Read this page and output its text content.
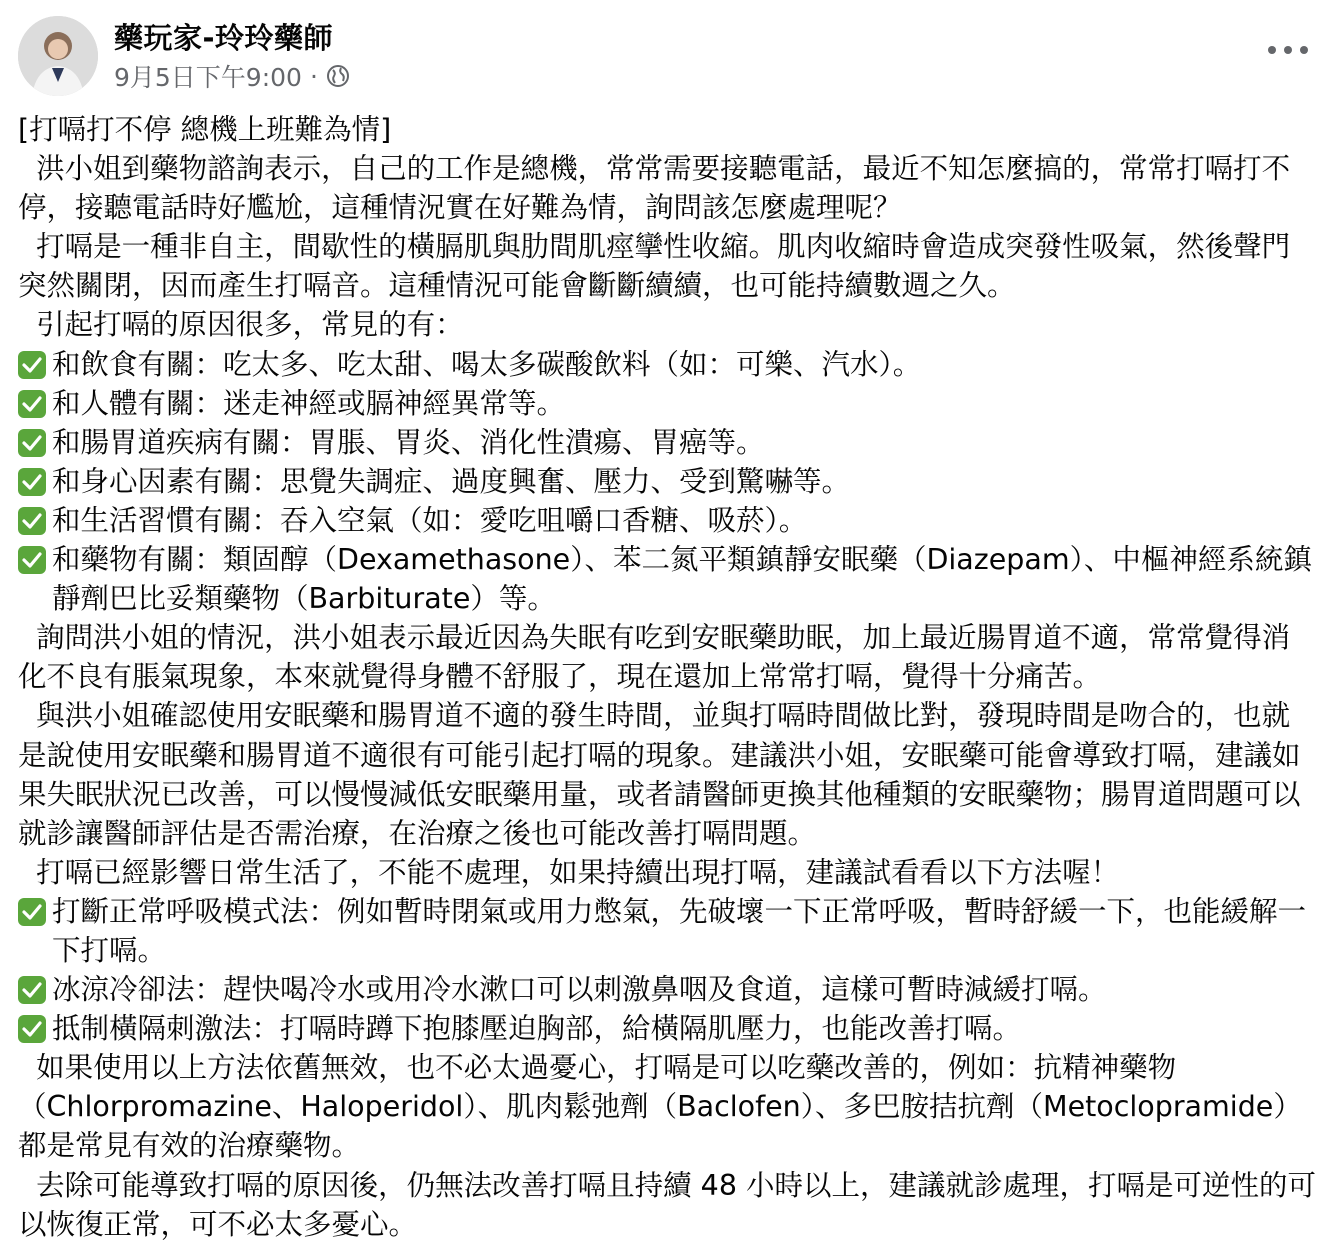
藥玩家-玲玲藥師
9月5日下午9:00 ·
[打嗝打不停 總機上班難為情]
洪小姐到藥物諮詢表示，自己的工作是總機，常常需要接聽電話，最近不知怎麼搞的，常常打嗝打不停，接聽電話時好尷尬，這種情況實在好難為情，詢問該怎麼處理呢？
打嗝是一種非自主，間歇性的橫膈肌與肋間肌痙攣性收縮。肌肉收縮時會造成突發性吸氣，然後聲門突然關閉，因而產生打嗝音。這種情況可能會斷斷續續，也可能持續數週之久。
引起打嗝的原因很多，常見的有：
和飲食有關：吃太多、吃太甜、喝太多碳酸飲料（如：可樂、汽水）。
和人體有關：迷走神經或膈神經異常等。
和腸胃道疾病有關：胃脹、胃炎、消化性潰瘍、胃癌等。
和身心因素有關：思覺失調症、過度興奮、壓力、受到驚嚇等。
和生活習慣有關：吞入空氣（如：愛吃咀嚼口香糖、吸菸）。
和藥物有關：類固醇（Dexamethasone）、苯二氮平類鎮靜安眠藥（Diazepam）、中樞神經系統鎮靜劑巴比妥類藥物（Barbiturate）等。
詢問洪小姐的情況，洪小姐表示最近因為失眠有吃到安眠藥助眠，加上最近腸胃道不適，常常覺得消化不良有脹氣現象，本來就覺得身體不舒服了，現在還加上常常打嗝，覺得十分痛苦。
與洪小姐確認使用安眠藥和腸胃道不適的發生時間，並與打嗝時間做比對，發現時間是吻合的，也就是說使用安眠藥和腸胃道不適很有可能引起打嗝的現象。建議洪小姐，安眠藥可能會導致打嗝，建議如果失眠狀況已改善，可以慢慢減低安眠藥用量，或者請醫師更換其他種類的安眠藥物；腸胃道問題可以就診讓醫師評估是否需治療，在治療之後也可能改善打嗝問題。
打嗝已經影響日常生活了，不能不處理，如果持續出現打嗝，建議試看看以下方法喔！
打斷正常呼吸模式法：例如暫時閉氣或用力憋氣，先破壞一下正常呼吸，暫時舒緩一下，也能緩解一下打嗝。
冰涼冷卻法：趕快喝冷水或用冷水漱口可以刺激鼻咽及食道，這樣可暫時減緩打嗝。
抵制橫隔刺激法：打嗝時蹲下抱膝壓迫胸部，給橫隔肌壓力，也能改善打嗝。
如果使用以上方法依舊無效，也不必太過憂心，打嗝是可以吃藥改善的，例如：抗精神藥物（Chlorpromazine、Haloperidol）、肌肉鬆弛劑（Baclofen）、多巴胺拮抗劑（Metoclopramide）都是常見有效的治療藥物。
去除可能導致打嗝的原因後，仍無法改善打嗝且持續 48 小時以上，建議就診處理，打嗝是可逆性的可以恢復正常，可不必太多憂心。
